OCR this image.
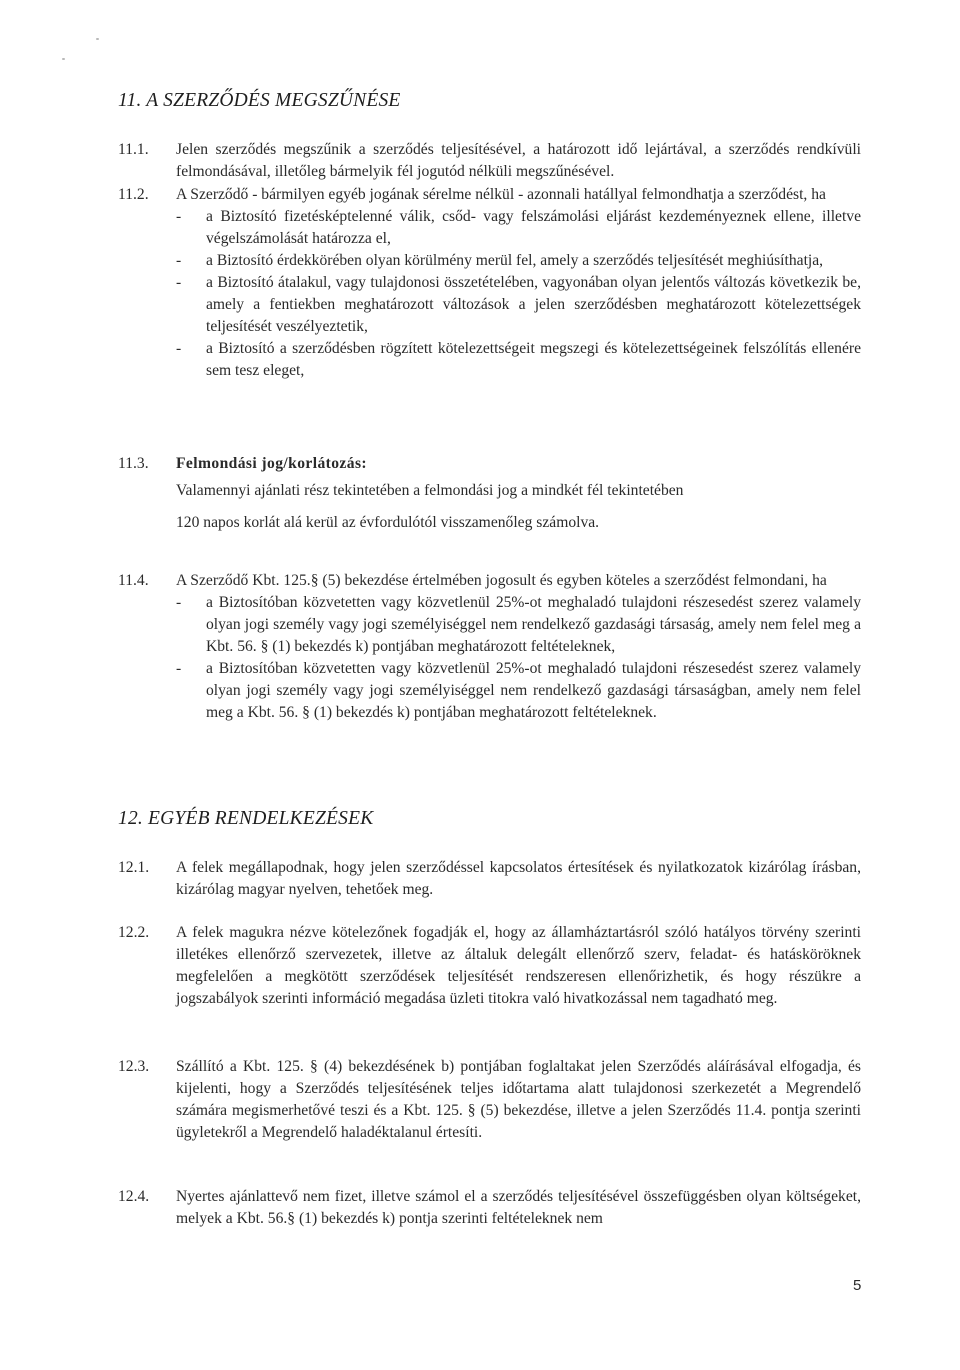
11. A SZERZŐDÉS MEGSZŰNÉSE
11.1.	Jelen szerződés megszűnik a szerződés teljesítésével, a határozott idő lejártával, a szerződés rendkívüli felmondásával, illetőleg bármelyik fél jogutód nélküli megszűnésével.
11.2.	A Szerződő - bármilyen egyéb jogának sérelme nélkül - azonnali hatállyal felmondhatja a szerződést, ha

- a Biztosító fizetésképtelenné válik, csőd- vagy felszámolási eljárást kezdeményeznek ellene, illetve végelszámolását határozza el,
- a Biztosító érdekkörében olyan körülmény merül fel, amely a szerződés teljesítését meghiúsíthatja,
- a Biztosító átalakul, vagy tulajdonosi összetételében, vagyonában olyan jelentős változás következik be, amely a fentiekben meghatározott változások a jelen szerződésben meghatározott kötelezettségek teljesítését veszélyeztetik,
- a Biztosító a szerződésben rögzített kötelezettségeit megszegi és kötelezettségeinek felszólítás ellenére sem tesz eleget,
11.3.	Felmondási jog/korlátozás:
Valamennyi ajánlati rész tekintetében a felmondási jog a mindkét fél tekintetében
120 napos korlát alá kerül az évfordulótól visszamenőleg számolva.
11.4.	A Szerződő Kbt. 125.§ (5) bekezdése értelmében jogosult és egyben köteles a szerződést felmondani, ha

- a Biztosítóban közvetetten vagy közvetlenül 25%-ot meghaladó tulajdoni részesedést szerez valamely olyan jogi személy vagy jogi személyiséggel nem rendelkező gazdasági társaság, amely nem felel meg a Kbt. 56. § (1) bekezdés k) pontjában meghatározott feltételeknek,
- a Biztosítóban közvetetten vagy közvetlenül 25%-ot meghaladó tulajdoni részesedést szerez valamely olyan jogi személy vagy jogi személyiséggel nem rendelkező gazdasági társaságban, amely nem felel meg a Kbt. 56. § (1) bekezdés k) pontjában meghatározott feltételeknek.
12. EGYÉB RENDELKEZÉSEK
12.1.	A felek megállapodnak, hogy jelen szerződéssel kapcsolatos értesítések és nyilatkozatok kizárólag írásban, kizárólag magyar nyelven, tehetőek meg.
12.2.	A felek magukra nézve kötelezőnek fogadják el, hogy az államháztartásról szóló hatályos törvény szerinti illetékes ellenőrző szervezetek, illetve az általuk delegált ellenőrző szerv, feladat- és hatásköröknek megfelelően a megkötött szerződések teljesítését rendszeresen ellenőrizhetik, és hogy részükre a jogszabályok szerinti információ megadása üzleti titokra való hivatkozással nem tagadható meg.
12.3.	Szállító a Kbt. 125. § (4) bekezdésének b) pontjában foglaltakat jelen Szerződés aláírásával elfogadja, és kijelenti, hogy a Szerződés teljesítésének teljes időtartama alatt tulajdonosi szerkezetét a Megrendelő számára megismerhetővé teszi és a Kbt. 125. § (5) bekezdése, illetve a jelen Szerződés 11.4. pontja szerinti ügyletekről a Megrendelő haladéktalanul értesíti.
12.4.	Nyertes ajánlattevő nem fizet, illetve számol el a szerződés teljesítésével összefüggésben olyan költségeket, melyek a Kbt. 56.§ (1) bekezdés k) pontja szerinti feltételeknek nem
5
